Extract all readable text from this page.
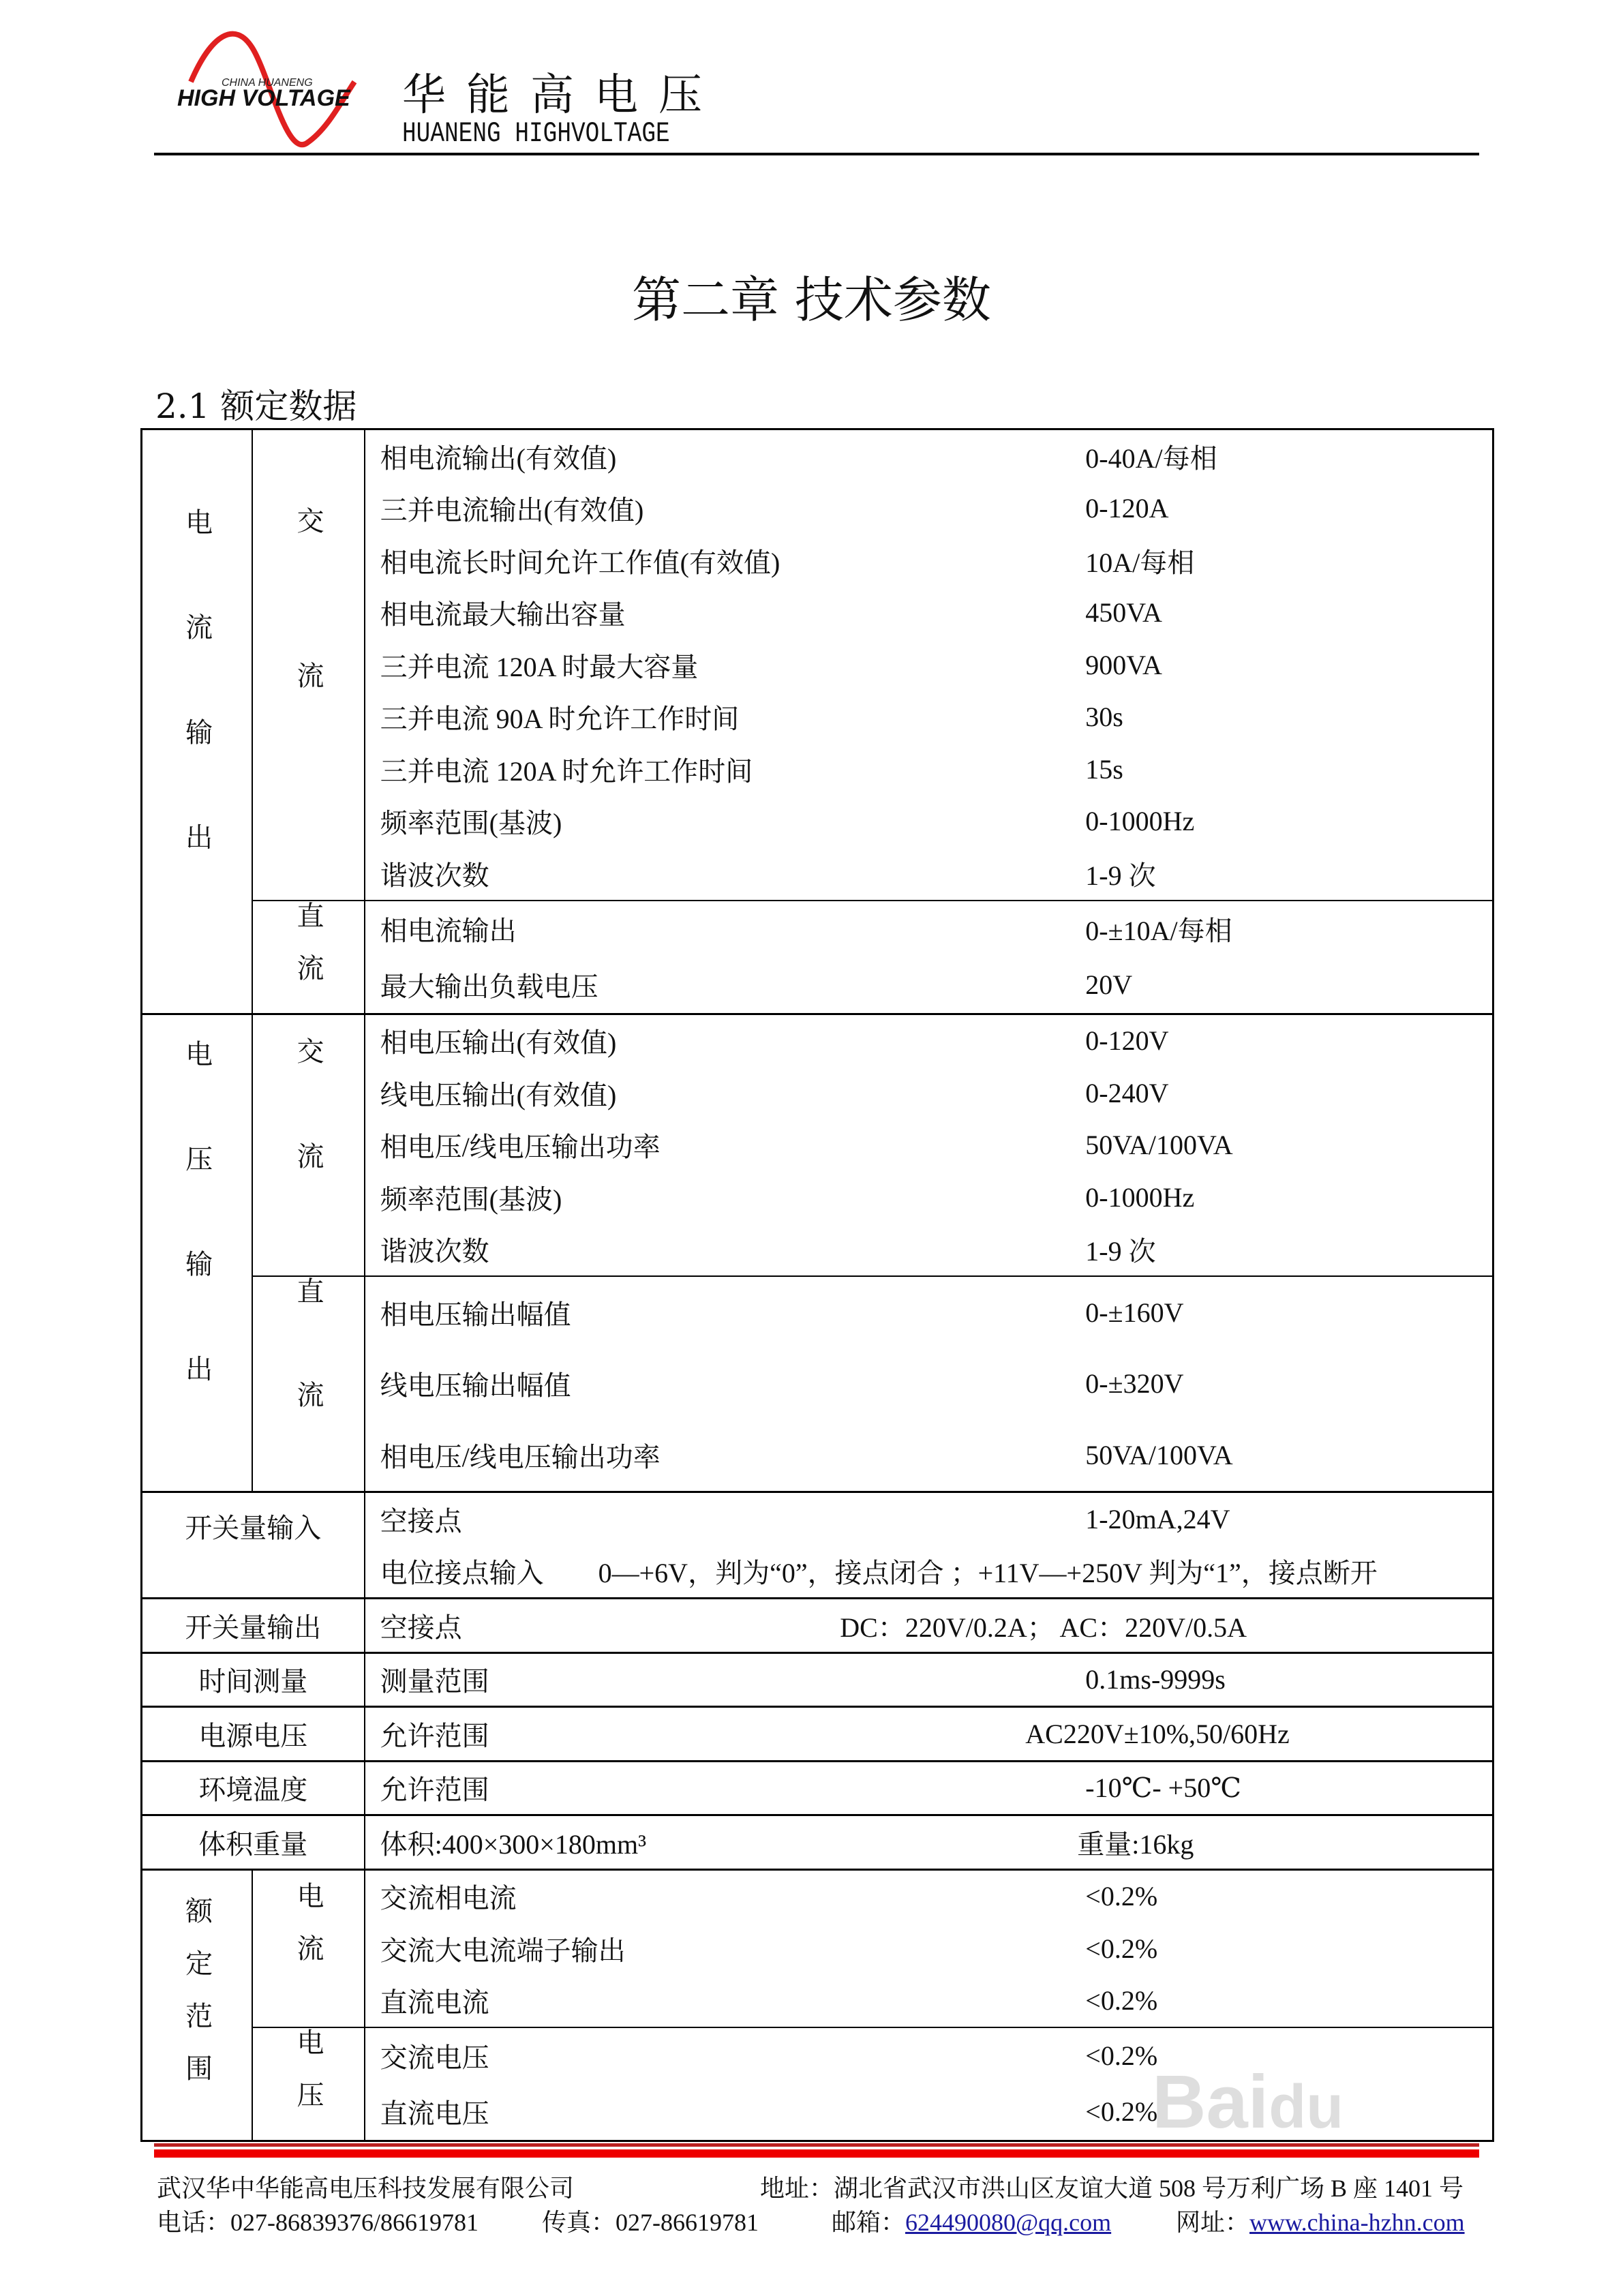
CHINA HUANENG
HIGH VOLTAGE 华能高电压
HUANENG HIGHVOLTAGE
第二章 技术参数
2.1 额定数据
电流输出	交流	相电流输出(有效值)	0-40A/每相
三并电流输出(有效值)	0-120A
相电流长时间允许工作值(有效值)	10A/每相
相电流最大输出容量	450VA
三并电流 120A 时最大容量	900VA
三并电流 90A 时允许工作时间	30s
三并电流 120A 时允许工作时间	15s
频率范围(基波)	0-1000Hz
谐波次数	1-9 次
直流	相电流输出	0-±10A/每相
最大输出负载电压	20V
电压输出	交流	相电压输出(有效值)	0-120V
线电压输出(有效值)	0-240V
相电压/线电压输出功率	50VA/100VA
频率范围(基波)	0-1000Hz
谐波次数	1-9 次
直流	相电压输出幅值	0-±160V
线电压输出幅值	0-±320V
相电压/线电压输出功率	50VA/100VA
开关量输入	空接点	1-20mA,24V
电位接点输入 0—+6V，判为“0”，接点闭合 ；+11V—+250V 判为“1”，接点断开
开关量输出	空接点	DC：220V/0.2A； AC：220V/0.5A
时间测量	测量范围	0.1ms-9999s
电源电压	允许范围	AC220V±10%,50/60Hz
环境温度	允许范围	-10℃- +50℃
体积重量	体积:400×300×180mm³	重量:16kg
额定范围	电流	交流相电流	<0.2%
交流大电流端子输出	<0.2%
直流电流	<0.2%
电压	交流电压	<0.2%
直流电压	<0.2%
武汉华中华能高电压科技发展有限公司	地址：湖北省武汉市洪山区友谊大道 508 号万利广场 B 座 1401 号
电话：027-86839376/86619781	传真：027-86619781	邮箱：624490080@qq.com	网址：www.china-hzhn.com
Baidu
